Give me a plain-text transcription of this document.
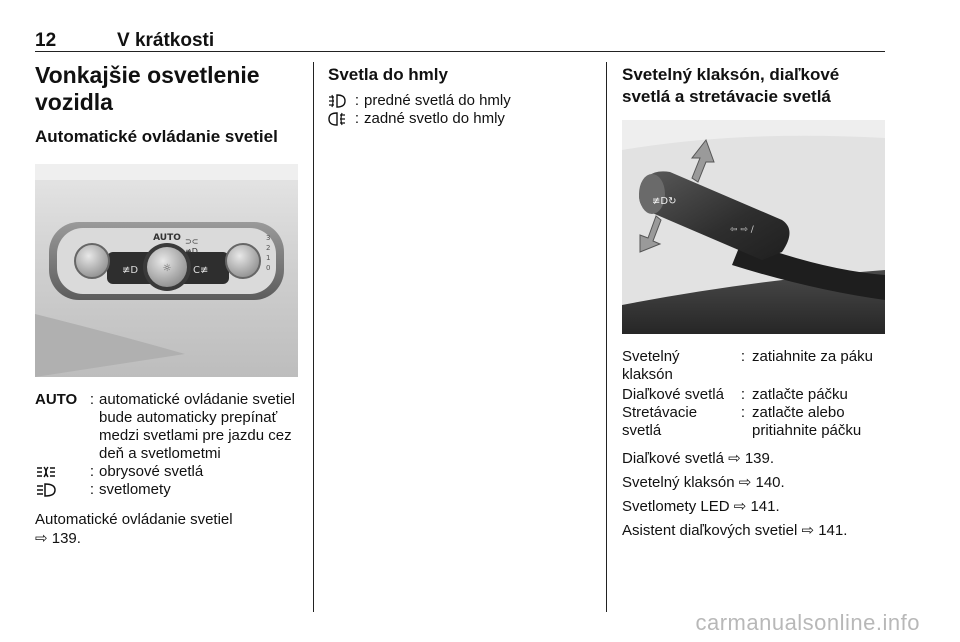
12	V krátkosti
Vonkajšie osvetlenie vozidla
Automatické ovládanie svetiel
☼
≢D	C≢
AUTO ⊃⊂
≢D
3
2
1
0
AUTO : automatické ovládanie svetiel bude automaticky prepínať medzi svetlami pre jazdu cez deň a svetlometmi
: obrysové svetlá
: svetlomety

Automatické ovládanie svetiel
⇨ 139.

Svetla do hmly
: predné svetlá do hmly
: zadné svetlo do hmly
Svetelný klaksón, diaľkové svetlá a stretávacie svetlá
≢D↻
⇦ ⇨ /
Svetelný klaksón
: zatiahnite za páku
Diaľkové svetlá	: zatlačte páčku
Stretávacie svetlá
: zatlačte alebo pritiahnite páčku

Diaľkové svetlá ⇨ 139.

Svetelný klaksón ⇨ 140.

Svetlomety LED ⇨ 141.

Asistent diaľkových svetiel ⇨ 141.

carmanualsonline.info
